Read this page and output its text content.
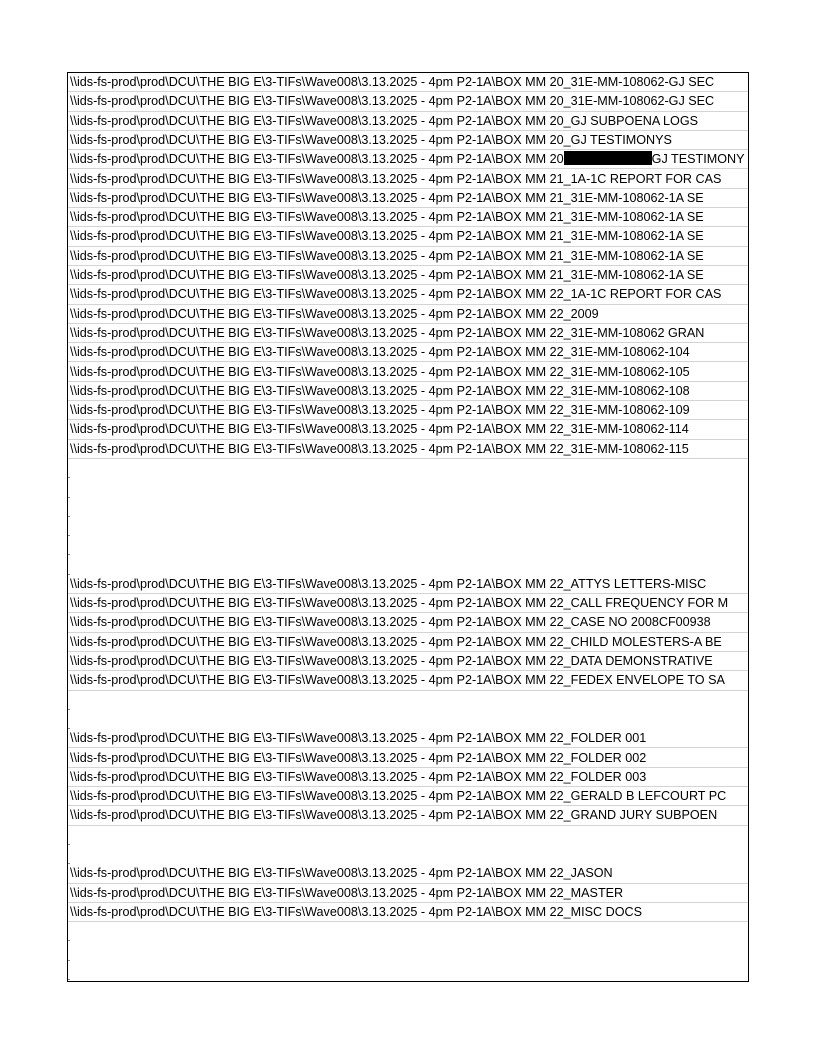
\\ids-fs-prod\prod\DCU\THE BIG E\3-TIFs\Wave008\3.13.2025 - 4pm P2-1A\BOX MM 20_31E-MM-108062-GJ SEC
\\ids-fs-prod\prod\DCU\THE BIG E\3-TIFs\Wave008\3.13.2025 - 4pm P2-1A\BOX MM 20_31E-MM-108062-GJ SEC
\\ids-fs-prod\prod\DCU\THE BIG E\3-TIFs\Wave008\3.13.2025 - 4pm P2-1A\BOX MM 20_GJ SUBPOENA LOGS
\\ids-fs-prod\prod\DCU\THE BIG E\3-TIFs\Wave008\3.13.2025 - 4pm P2-1A\BOX MM 20_GJ TESTIMONYS
\\ids-fs-prod\prod\DCU\THE BIG E\3-TIFs\Wave008\3.13.2025 - 4pm P2-1A\BOX MM 20	GJ TESTIMONY
\\ids-fs-prod\prod\DCU\THE BIG E\3-TIFs\Wave008\3.13.2025 - 4pm P2-1A\BOX MM 21_1A-1C REPORT FOR CAS
\\ids-fs-prod\prod\DCU\THE BIG E\3-TIFs\Wave008\3.13.2025 - 4pm P2-1A\BOX MM 21_31E-MM-108062-1A SE
\\ids-fs-prod\prod\DCU\THE BIG E\3-TIFs\Wave008\3.13.2025 - 4pm P2-1A\BOX MM 21_31E-MM-108062-1A SE
\\ids-fs-prod\prod\DCU\THE BIG E\3-TIFs\Wave008\3.13.2025 - 4pm P2-1A\BOX MM 21_31E-MM-108062-1A SE
\\ids-fs-prod\prod\DCU\THE BIG E\3-TIFs\Wave008\3.13.2025 - 4pm P2-1A\BOX MM 21_31E-MM-108062-1A SE
\\ids-fs-prod\prod\DCU\THE BIG E\3-TIFs\Wave008\3.13.2025 - 4pm P2-1A\BOX MM 21_31E-MM-108062-1A SE
\\ids-fs-prod\prod\DCU\THE BIG E\3-TIFs\Wave008\3.13.2025 - 4pm P2-1A\BOX MM 22_1A-1C REPORT FOR CAS
\\ids-fs-prod\prod\DCU\THE BIG E\3-TIFs\Wave008\3.13.2025 - 4pm P2-1A\BOX MM 22_2009
\\ids-fs-prod\prod\DCU\THE BIG E\3-TIFs\Wave008\3.13.2025 - 4pm P2-1A\BOX MM 22_31E-MM-108062 GRAN
\\ids-fs-prod\prod\DCU\THE BIG E\3-TIFs\Wave008\3.13.2025 - 4pm P2-1A\BOX MM 22_31E-MM-108062-104
\\ids-fs-prod\prod\DCU\THE BIG E\3-TIFs\Wave008\3.13.2025 - 4pm P2-1A\BOX MM 22_31E-MM-108062-105
\\ids-fs-prod\prod\DCU\THE BIG E\3-TIFs\Wave008\3.13.2025 - 4pm P2-1A\BOX MM 22_31E-MM-108062-108
\\ids-fs-prod\prod\DCU\THE BIG E\3-TIFs\Wave008\3.13.2025 - 4pm P2-1A\BOX MM 22_31E-MM-108062-109
\\ids-fs-prod\prod\DCU\THE BIG E\3-TIFs\Wave008\3.13.2025 - 4pm P2-1A\BOX MM 22_31E-MM-108062-114
\\ids-fs-prod\prod\DCU\THE BIG E\3-TIFs\Wave008\3.13.2025 - 4pm P2-1A\BOX MM 22_31E-MM-108062-115
\\ids-fs-prod\prod\DCU\THE BIG E\3-TIFs\Wave008\3.13.2025 - 4pm P2-1A\BOX MM 22_ATTYS LETTERS-MISC
\\ids-fs-prod\prod\DCU\THE BIG E\3-TIFs\Wave008\3.13.2025 - 4pm P2-1A\BOX MM 22_CALL FREQUENCY FOR M
\\ids-fs-prod\prod\DCU\THE BIG E\3-TIFs\Wave008\3.13.2025 - 4pm P2-1A\BOX MM 22_CASE NO 2008CF00938
\\ids-fs-prod\prod\DCU\THE BIG E\3-TIFs\Wave008\3.13.2025 - 4pm P2-1A\BOX MM 22_CHILD MOLESTERS-A BE
\\ids-fs-prod\prod\DCU\THE BIG E\3-TIFs\Wave008\3.13.2025 - 4pm P2-1A\BOX MM 22_DATA DEMONSTRATIVE
\\ids-fs-prod\prod\DCU\THE BIG E\3-TIFs\Wave008\3.13.2025 - 4pm P2-1A\BOX MM 22_FEDEX ENVELOPE TO SA
\\ids-fs-prod\prod\DCU\THE BIG E\3-TIFs\Wave008\3.13.2025 - 4pm P2-1A\BOX MM 22_FOLDER 001
\\ids-fs-prod\prod\DCU\THE BIG E\3-TIFs\Wave008\3.13.2025 - 4pm P2-1A\BOX MM 22_FOLDER 002
\\ids-fs-prod\prod\DCU\THE BIG E\3-TIFs\Wave008\3.13.2025 - 4pm P2-1A\BOX MM 22_FOLDER 003
\\ids-fs-prod\prod\DCU\THE BIG E\3-TIFs\Wave008\3.13.2025 - 4pm P2-1A\BOX MM 22_GERALD B LEFCOURT PC
\\ids-fs-prod\prod\DCU\THE BIG E\3-TIFs\Wave008\3.13.2025 - 4pm P2-1A\BOX MM 22_GRAND JURY SUBPOEN
\\ids-fs-prod\prod\DCU\THE BIG E\3-TIFs\Wave008\3.13.2025 - 4pm P2-1A\BOX MM 22_JASON
\\ids-fs-prod\prod\DCU\THE BIG E\3-TIFs\Wave008\3.13.2025 - 4pm P2-1A\BOX MM 22_MASTER
\\ids-fs-prod\prod\DCU\THE BIG E\3-TIFs\Wave008\3.13.2025 - 4pm P2-1A\BOX MM 22_MISC DOCS
